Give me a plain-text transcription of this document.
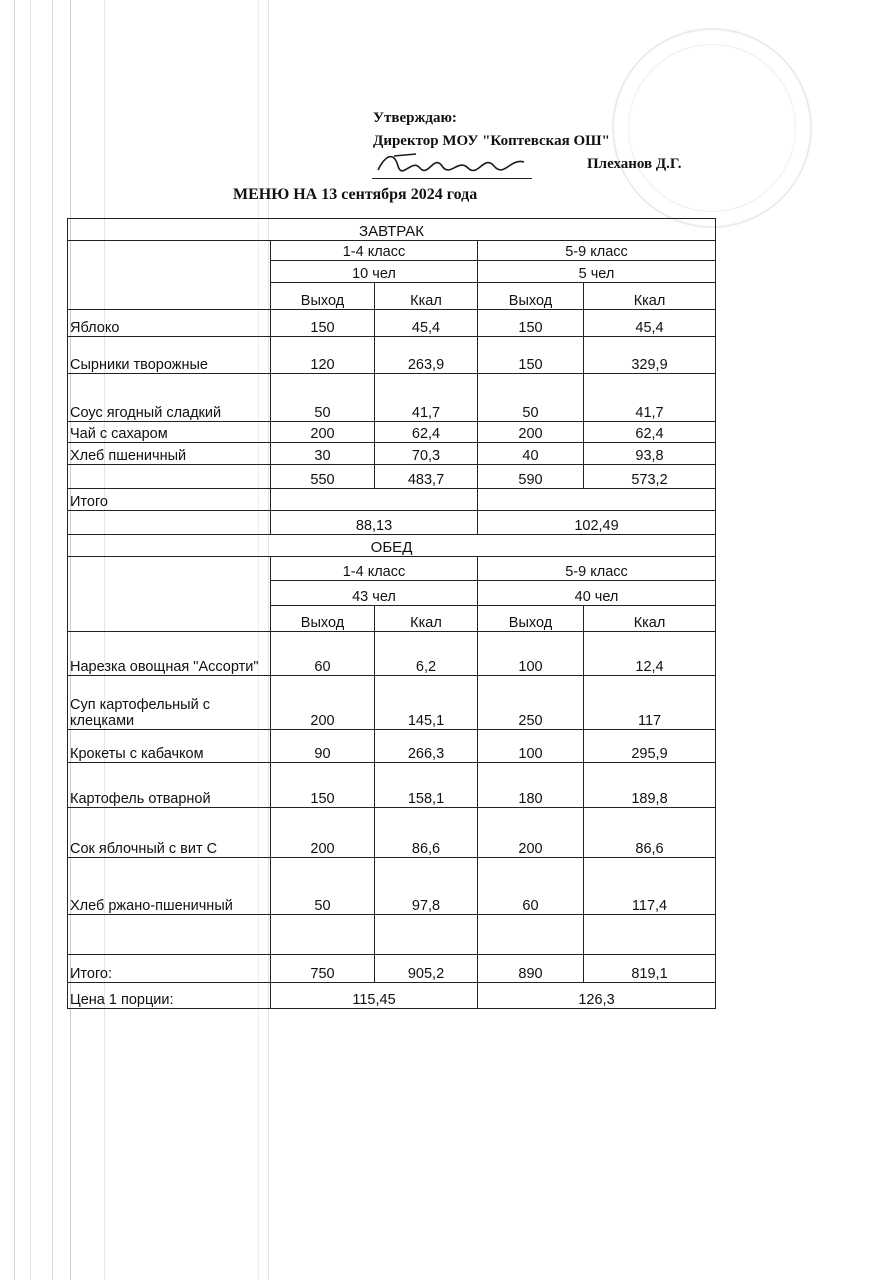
Утверждаю:
Директор МОУ "Коптевская ОШ"
Плеханов Д.Г.
МЕНЮ НА 13 сентября 2024 года
ЗАВТРАК				
	1-4 класс		5-9 класс	
	10 чел		5 чел	
	Выход	Ккал	Выход	Ккал
Яблоко	150	45,4	150	45,4
Сырники творожные	120	263,9	150	329,9
Соус ягодный сладкий	50	41,7	50	41,7
Чай с сахаром	200	62,4	200	62,4
Хлеб пшеничный	30	70,3	40	93,8
	550	483,7	590	573,2
Итого				
	88,13		102,49	
ОБЕД				
	1-4 класс		5-9 класс	
	43 чел		40 чел	
	Выход	Ккал	Выход	Ккал
Нарезка овощная "Ассорти"	60	6,2	100	12,4
Суп картофельный с клецками	200	145,1	250	117
Крокеты с кабачком	90	266,3	100	295,9
Картофель отварной	150	158,1	180	189,8
Сок яблочный с вит С	200	86,6	200	86,6
Хлеб ржано-пшеничный	50	97,8	60	117,4

Итого:	750	905,2	890	819,1
Цена 1 порции:	115,45		126,3	
